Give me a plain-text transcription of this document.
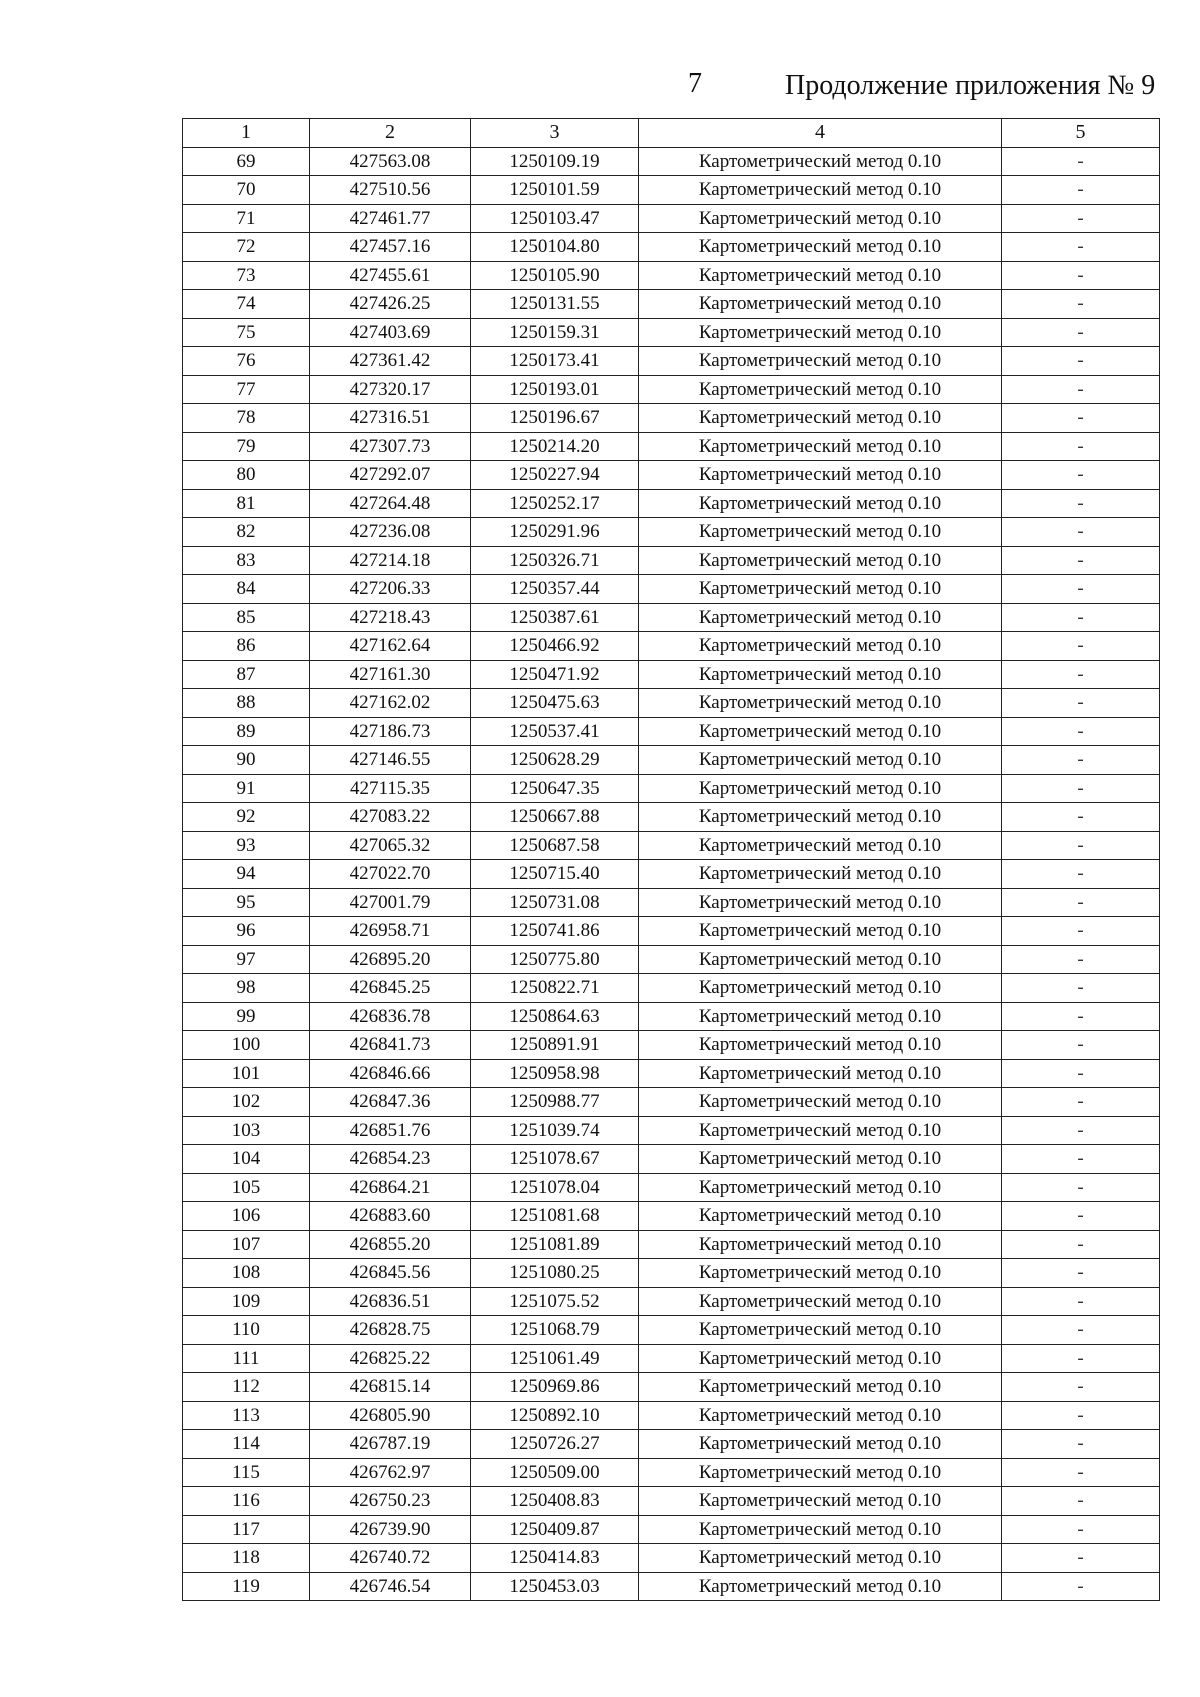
7	Продолжение приложения № 9
1	2	3	4	5
69	427563.08	1250109.19	Картометрический метод 0.10	-
70	427510.56	1250101.59	Картометрический метод 0.10	-
71	427461.77	1250103.47	Картометрический метод 0.10	-
72	427457.16	1250104.80	Картометрический метод 0.10	-
73	427455.61	1250105.90	Картометрический метод 0.10	-
74	427426.25	1250131.55	Картометрический метод 0.10	-
75	427403.69	1250159.31	Картометрический метод 0.10	-
76	427361.42	1250173.41	Картометрический метод 0.10	-
77	427320.17	1250193.01	Картометрический метод 0.10	-
78	427316.51	1250196.67	Картометрический метод 0.10	-
79	427307.73	1250214.20	Картометрический метод 0.10	-
80	427292.07	1250227.94	Картометрический метод 0.10	-
81	427264.48	1250252.17	Картометрический метод 0.10	-
82	427236.08	1250291.96	Картометрический метод 0.10	-
83	427214.18	1250326.71	Картометрический метод 0.10	-
84	427206.33	1250357.44	Картометрический метод 0.10	-
85	427218.43	1250387.61	Картометрический метод 0.10	-
86	427162.64	1250466.92	Картометрический метод 0.10	-
87	427161.30	1250471.92	Картометрический метод 0.10	-
88	427162.02	1250475.63	Картометрический метод 0.10	-
89	427186.73	1250537.41	Картометрический метод 0.10	-
90	427146.55	1250628.29	Картометрический метод 0.10	-
91	427115.35	1250647.35	Картометрический метод 0.10	-
92	427083.22	1250667.88	Картометрический метод 0.10	-
93	427065.32	1250687.58	Картометрический метод 0.10	-
94	427022.70	1250715.40	Картометрический метод 0.10	-
95	427001.79	1250731.08	Картометрический метод 0.10	-
96	426958.71	1250741.86	Картометрический метод 0.10	-
97	426895.20	1250775.80	Картометрический метод 0.10	-
98	426845.25	1250822.71	Картометрический метод 0.10	-
99	426836.78	1250864.63	Картометрический метод 0.10	-
100	426841.73	1250891.91	Картометрический метод 0.10	-
101	426846.66	1250958.98	Картометрический метод 0.10	-
102	426847.36	1250988.77	Картометрический метод 0.10	-
103	426851.76	1251039.74	Картометрический метод 0.10	-
104	426854.23	1251078.67	Картометрический метод 0.10	-
105	426864.21	1251078.04	Картометрический метод 0.10	-
106	426883.60	1251081.68	Картометрический метод 0.10	-
107	426855.20	1251081.89	Картометрический метод 0.10	-
108	426845.56	1251080.25	Картометрический метод 0.10	-
109	426836.51	1251075.52	Картометрический метод 0.10	-
110	426828.75	1251068.79	Картометрический метод 0.10	-
111	426825.22	1251061.49	Картометрический метод 0.10	-
112	426815.14	1250969.86	Картометрический метод 0.10	-
113	426805.90	1250892.10	Картометрический метод 0.10	-
114	426787.19	1250726.27	Картометрический метод 0.10	-
115	426762.97	1250509.00	Картометрический метод 0.10	-
116	426750.23	1250408.83	Картометрический метод 0.10	-
117	426739.90	1250409.87	Картометрический метод 0.10	-
118	426740.72	1250414.83	Картометрический метод 0.10	-
119	426746.54	1250453.03	Картометрический метод 0.10	-
